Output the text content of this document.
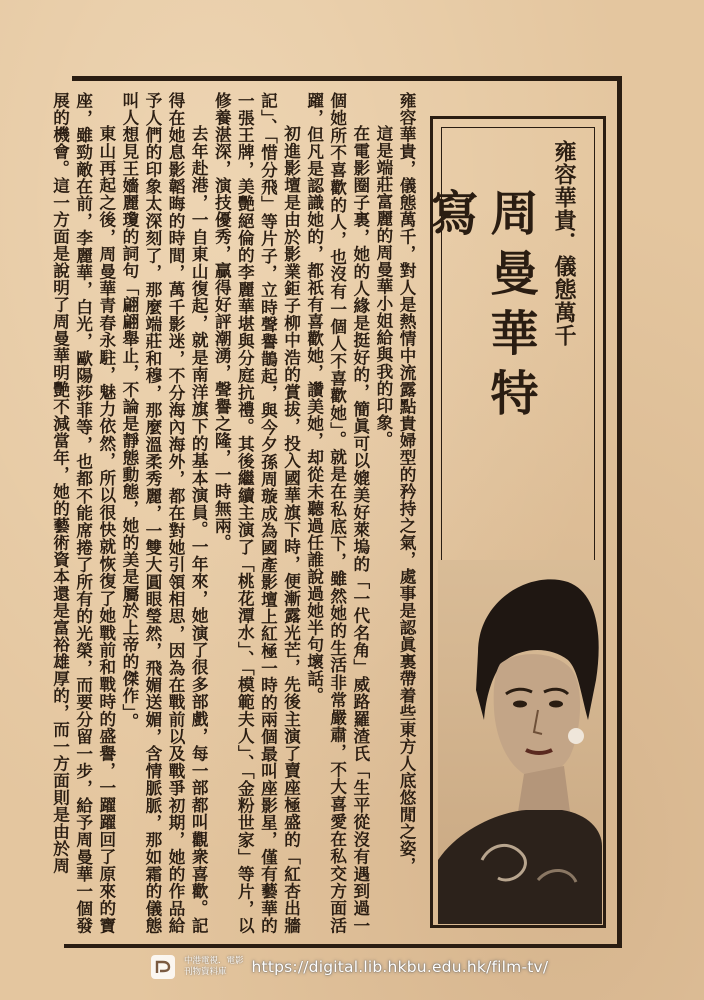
雍容華貴．儀態萬千
周曼華特寫

雍容華貴，儀態萬千，對人是熱情中流露點貴婦型的矜持之氣，處事是認眞裏帶着些東方人底悠閒之姿，

這是端莊富麗的周曼華小姐給與我的印象。

在電影圈子裏，她的人緣是挺好的，簡眞可以媲美好萊塢的「一代名角」威路羅渣氏「生平從沒有遇到過一個她所不喜歡的人，也沒有一個人不喜歡她」。就是在私底下，雖然她的生活非常嚴肅，不大喜愛在私交方面活躍，但凡是認識她的，都祇有喜歡她，讚美她，却從未聽過任誰說過她半句壞話。

初進影壇是由於影業鉅子柳中浩的賞拔，投入國華旗下時，便漸露光芒，先後主演了賣座極盛的「紅杏出牆記」、「惜分飛」等片子，立時聲譽鵲起，與今夕孫周璇成為國產影壇上紅極一時的兩個最叫座影星，僅有藝華的一張王牌，美艷絕倫的李麗華堪與分庭抗禮。其後繼續主演了「桃花潭水」、「模範夫人」、「金粉世家」等片，以修養湛深，演技優秀，贏得好評潮湧，聲譽之隆，一時無兩。

去年赴港，一自東山復起，就是南洋旗下的基本演員。一年來，她演了很多部戲，每一部都叫觀衆喜歡。記得在她息影韜晦的時間，萬千影迷，不分海內海外，都在對她引領相思，因為在戰前以及戰爭初期，她的作品給予人們的印象太深刻了，那麼端莊和穆，那麼溫柔秀麗，一雙大圓眼瑩然，飛媚送媚，含情脈脈，那如霜的儀態叫人想見王嬙麗瓊的詞句「翩翩舉止，不論是靜態動態，她的美是屬於上帝的傑作」。

東山再起之後，周曼華青春永駐，魅力依然，所以很快就恢復了她戰前和戰時的盛譽，一躍躍回了原來的寶座，雖勁敵在前，李麗華，白光，歐陽莎菲等，也都不能席捲了所有的光榮，而要分留一步，給予周曼華一個發展的機會。這一方面是說明了周曼華明艷不減當年，她的藝術資本還是富裕雄厚的，而一方面則是由於周

中港電視．電影
刊物資料庫	https://digital.lib.hkbu.edu.hk/film-tv/
